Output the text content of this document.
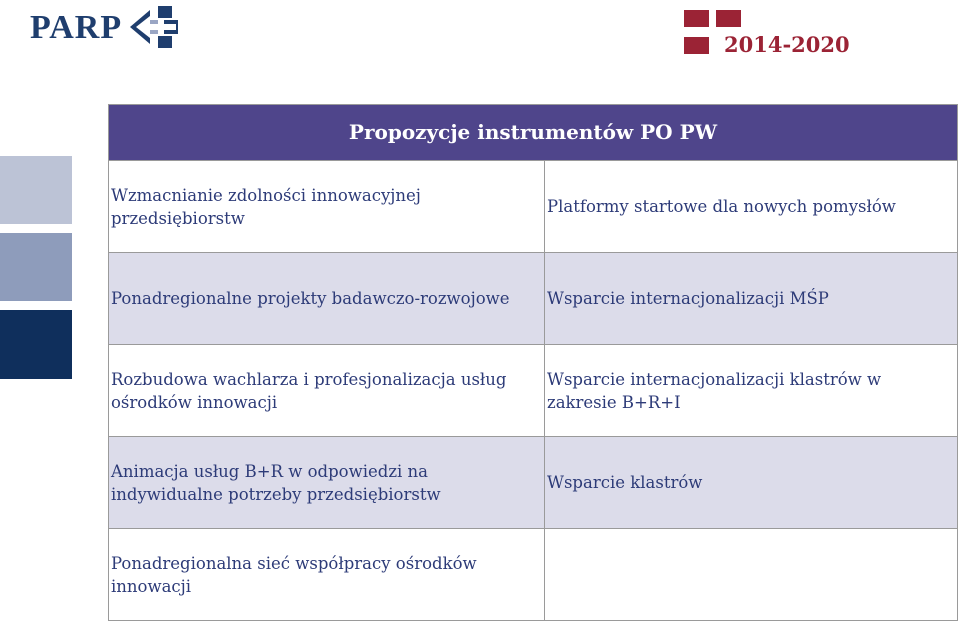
PARP	2014-2020
Propozycje instrumentów PO PW	
Wzmacnianie zdolności innowacyjnej przedsiębiorstw	Platformy startowe dla nowych pomysłów
Ponadregionalne projekty badawczo-rozwojowe	Wsparcie internacjonalizacji MŚP
Rozbudowa wachlarza i profesjonalizacja usług ośrodków innowacji	Wsparcie internacjonalizacji klastrów w zakresie B+R+I
Animacja usług B+R w odpowiedzi na indywidualne potrzeby przedsiębiorstw	Wsparcie klastrów
Ponadregionalna sieć współpracy ośrodków innowacji	
